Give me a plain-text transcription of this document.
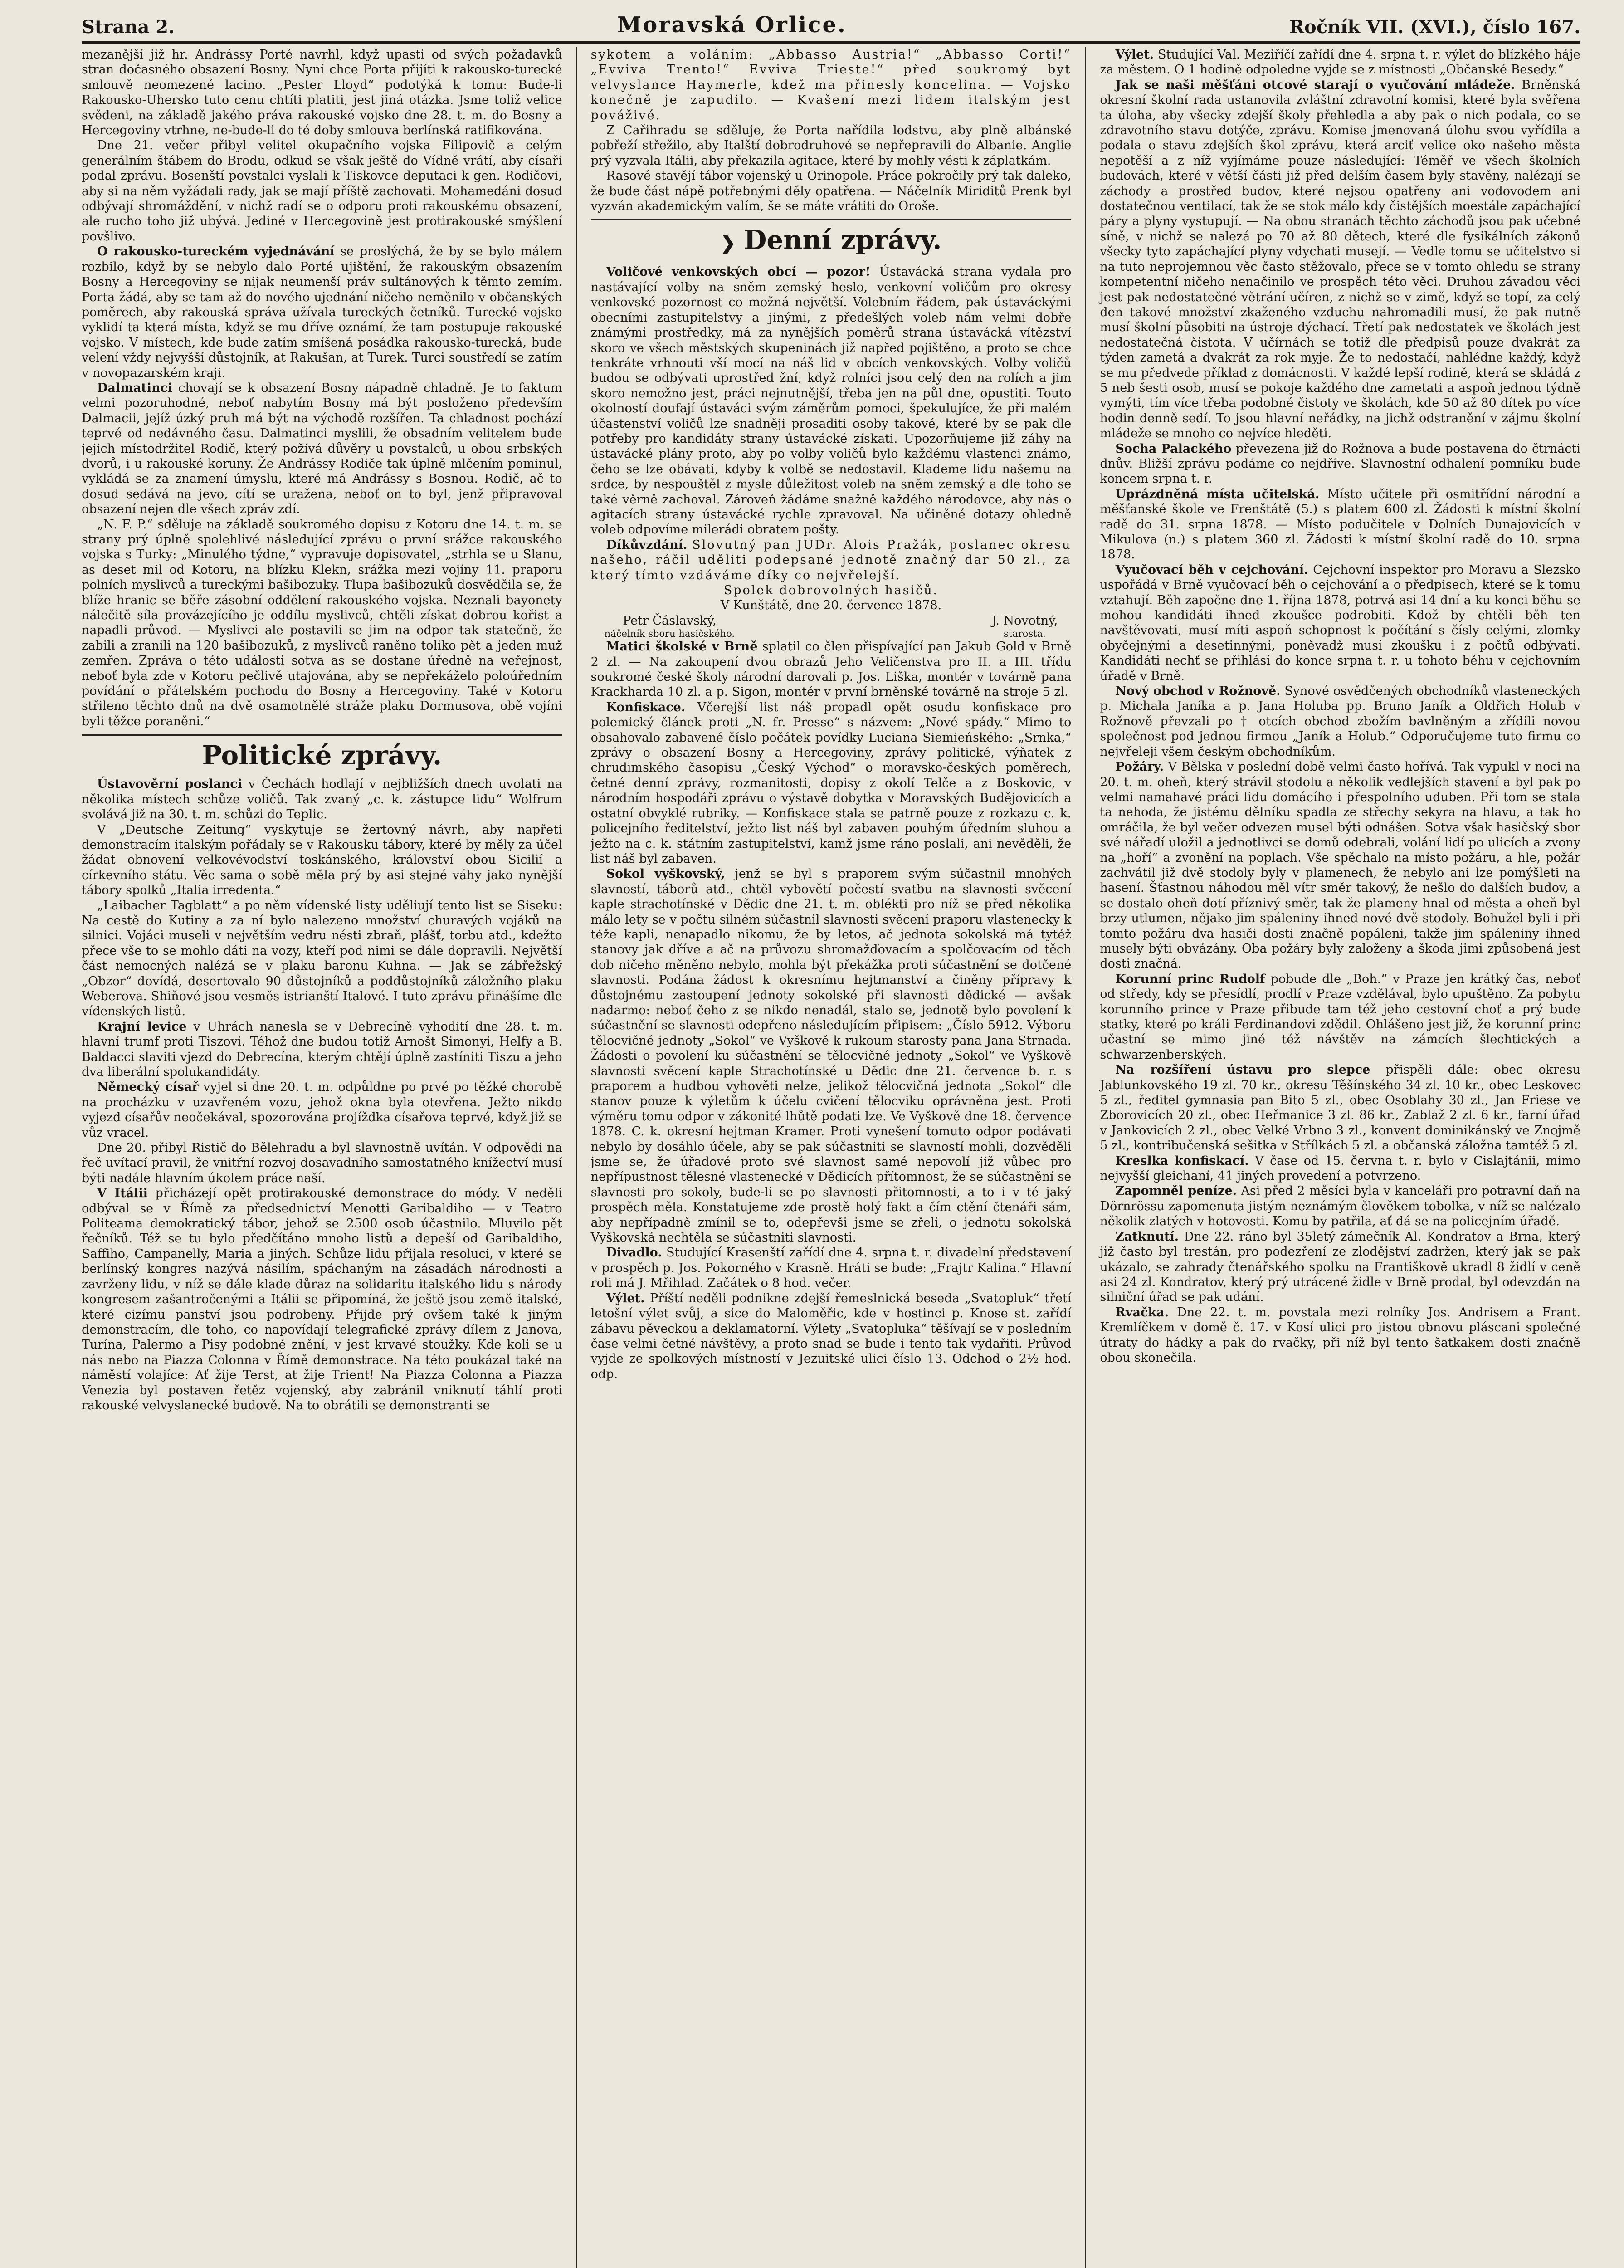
Strana 2.	Moravská Orlice.	Ročník VII. (XVI.), číslo 167.

mezanější již hr. Andrássy Porté navrhl, když upasti od svých požadavků stran dočasného obsazení Bosny. Nyní chce Porta přijíti k rakousko-turecké smlouvě neomezené lacino. „Pester Lloyd“ podotýká k tomu: Bude-li Rakousko-Uhersko tuto cenu chtíti platiti, jest jiná otázka. Jsme toliž velice svědeni, na základě jakého práva rakouské vojsko dne 28. t. m. do Bosny a Hercegoviny vtrhne, ne-bude-li do té doby smlouva berlínská ratifikována.

Dne 21. večer přibyl velitel okupačního vojska Filipovič a celým generálním štábem do Brodu, odkud se však ještě do Vídně vrátí, aby císaři podal zprávu. Bosenští povstalci vyslali k Tiskovce deputaci k gen. Rodičovi, aby si na něm vyžádali rady, jak se mají příště zachovati. Mohamedáni dosud odbývají shromáždění, v nichž radí se o odporu proti rakouskému obsazení, ale rucho toho již ubývá. Jediné v Hercegovině jest protirakouské smýšlení povšlivo.

O rakousko-tureckém vyjednávání se proslýchá, že by se bylo málem rozbilo, když by se nebylo dalo Porté ujištění, že rakouským obsazením Bosny a Hercegoviny se nijak neumenší práv sultánových k těmto zemím. Porta žádá, aby se tam až do nového ujednání ničeho neměnilo v občanských poměrech, aby rakouská správa užívala tureckých četníků. Turecké vojsko vyklidí ta která místa, když se mu dříve oznámí, že tam postupuje rakouské vojsko. V místech, kde bude zatím smíšená posádka rakousko-turecká, bude velení vždy nejvyšší důstojník, at Rakušan, at Turek. Turci soustředí se zatím v novopazarském kraji.

Dalmatinci chovají se k obsazení Bosny nápadně chladně. Je to faktum velmi pozoruhodné, neboť nabytím Bosny má být posloženo především Dalmacii, jejíž úzký pruh má být na východě rozšířen. Ta chladnost pochází teprvé od nedávného času. Dalmatinci myslili, že obsadním velitelem bude jejich místodržitel Rodič, který požívá důvěry u povstalců, u obou srbských dvorů, i u rakouské koruny. Že Andrássy Rodiče tak úplně mlčením pominul, vykládá se za znamení úmyslu, které má Andrássy s Bosnou. Rodič, ač to dosud sedává na jevo, cítí se uražena, neboť on to byl, jenž připravoval obsazení nejen dle všech zpráv zdí.

„N. F. P.“ sděluje na základě soukromého dopisu z Kotoru dne 14. t. m. se strany prý úplně spolehlivé následující zprávu o první srážce rakouského vojska s Turky: „Minulého týdne,“ vypravuje dopisovatel, „strhla se u Slanu, as deset mil od Kotoru, na blízku Klekn, srážka mezi vojíny 11. praporu polních myslivců a tureckými bašibozuky. Tlupa bašibozuků dosvědčila se, že blíže hranic se běře zásobní oddělení rakouského vojska. Neznali bayonety nálečitě síla provázejícího je oddílu myslivců, chtěli získat dobrou kořist a napadli průvod. — Myslivci ale postavili se jim na odpor tak statečně, že zabili a zranili na 120 bašibozuků, z myslivců raněno toliko pět a jeden muž zemřen. Zpráva o této události sotva as se dostane úředně na veřejnost, neboť byla zde v Kotoru pečlivě utajována, aby se nepřekáželo poloúředním povídání o přátelském pochodu do Bosny a Hercegoviny. Také v Kotoru střileno těchto dnů na dvě osamotnělé stráže plaku Dormusova, obě vojíni byli těžce poraněni.“

Politické zprávy.

Ústavověrní poslanci v Čechách hodlají v nejbližších dnech uvolati na několika místech schůze voličů. Tak zvaný „c. k. zástupce lidu“ Wolfrum svolává již na 30. t. m. schůzi do Teplic.

V „Deutsche Zeitung“ vyskytuje se žertovný návrh, aby napřeti demonstracím italským pořádaly se v Rakousku tábory, které by měly za účel žádat obnovení velkovévodství toskánského, království obou Sicilií a církevního státu. Věc sama o sobě měla prý by asi stejné váhy jako nynější tábory spolků „Italia irredenta.“

„Laibacher Tagblatt“ a po něm vídenské listy uděliují tento list se Siseku: Na cestě do Kutiny a za ní bylo nalezeno množství churavých vojáků na silnici. Vojáci museli v největším vedru nésti zbraň, plášť, torbu atd., kdežto přece vše to se mohlo dáti na vozy, kteří pod nimi se dále dopravili. Největší část nemocných nalézá se v plaku baronu Kuhna. — Jak se zábřežský „Obzor“ dovídá, desertovalo 90 důstojníků a poddůstojníků záložního plaku Weberova. Shiňové jsou vesměs istrianští Italové. I tuto zprávu přinášíme dle vídenských listů.

Krajní levice v Uhrách nanesla se v Debrecíně vyhodití dne 28. t. m. hlavní trumf proti Tiszovi. Téhož dne budou totiž Arnošt Simonyi, Helfy a B. Baldacci slaviti vjezd do Debrecína, kterým chtějí úplně zastíniti Tiszu a jeho dva liberální spolukandidáty.

Německý císař vyjel si dne 20. t. m. odpůldne po prvé po těžké chorobě na procházku v uzavřeném vozu, jehož okna byla otevřena. Ježto nikdo vyjezd císařův neočekával, spozorována projížďka císařova teprvé, když již se vůz vracel.

Dne 20. přibyl Ristič do Bělehradu a byl slavnostně uvítán. V odpovědi na řeč uvítací pravil, že vnitřní rozvoj dosavadního samostatného knížectví musí býti nadále hlavním úkolem práce naší.

V Itálii přicházejí opět protirakouské demonstrace do módy. V neděli odbýval se v Římě za předsednictví Menotti Garibaldiho — v Teatro Politeama demokratický tábor, jehož se 2500 osob účastnilo. Mluvilo pět řečníků. Též se tu bylo předčítáno mnoho listů a depeší od Garibaldiho, Saffiho, Campanelly, Maria a jiných. Schůze lidu přijala resoluci, v které se berlínský kongres nazývá násilím, spáchaným na zásadách národnosti a zavrženy lidu, v níž se dále klade důraz na solidaritu italského lidu s národy kongresem zašantročenými a Itálii se připomíná, že ještě jsou země italské, které cizímu panství jsou podrobeny. Přijde prý ovšem také k jiným demonstracím, dle toho, co napovídají telegrafické zprávy dílem z Janova, Turína, Palermo a Pisy podobné znění, v jest krvavé stoužky. Kde koli se u nás nebo na Piazza Colonna v Římě demonstrace. Na této poukázal také na náměstí volajíce: Ať žije Terst, at žije Trient! Na Piazza Colonna a Piazza Venezia byl postaven řetěz vojenský, aby zabránil vniknutí táhlí proti rakouské velvyslanecké budově. Na to obrátili se demonstranti se

sykotem a voláním: „Abbasso Austria!“ „Abbasso Corti!“ „Evviva Trento!“ Evviva Trieste!“ před soukromý byt velvyslance Haymerle, kdež ma přinesly koncelina. — Vojsko konečně je zapudilo. — Kvašení mezi lidem italským jest pováživé.

Z Cařihradu se sděluje, že Porta nařídila lodstvu, aby plně albánské pobřeží střežilo, aby Italští dobrodruhové se nepřepravili do Albanie. Anglie prý vyzvala Itálii, aby překazila agitace, které by mohly vésti k záplatkám.

Rasové stavějí tábor vojenský u Orinopole. Práce pokročily prý tak daleko, že bude část nápě potřebnými děly opatřena. — Náčelník Miriditů Prenk byl vyzván akademickým valím, še se máte vrátiti do Oroše.

❯ Denní zprávy.

Voličové venkovských obcí — pozor! Ústavácká strana vydala pro nastávající volby na sněm zemský heslo, venkovní voličům pro okresy venkovské pozornost co možná největší. Volebním řádem, pak ústaváckými obecními zastupitelstvy a jinými, z předešlých voleb nám velmi dobře známými prostředky, má za nynějších poměrů strana ústavácká vítězství skoro ve všech městských skupeninách již napřed pojištěno, a proto se chce tenkráte vrhnouti vší mocí na náš lid v obcích venkovských. Volby voličů budou se odbývati uprostřed žní, když rolníci jsou celý den na rolích a jim skoro nemožno jest, práci nejnutnější, třeba jen na půl dne, opustiti. Touto okolností doufají ústaváci svým záměrům pomoci, špekulujíce, že při malém účastenství voličů lze snadněji prosaditi osoby takové, které by se pak dle potřeby pro kandidáty strany ústavácké získati. Upozorňujeme již záhy na ústavácké plány proto, aby po volby voličů bylo každému vlastenci známo, čeho se lze obávati, kdyby k volbě se nedostavil. Klademe lidu našemu na srdce, by nespouštěl z mysle důležitost voleb na sněm zemský a dle toho se také věrně zachoval. Zároveň žádáme snažně každého národovce, aby nás o agitacích strany ústavácké rychle zpravoval. Na učiněné dotazy ohledně voleb odpovíme milerádi obratem pošty.

Díkůvzdání. Slovutný pan JUDr. Alois Pražák, poslanec okresu našeho, ráčil uděliti podepsané jednotě značný dar 50 zl., za který tímto vzdáváme díky co nejvřelejší.

Spolek dobrovolných hasičů.

V Kunštátě, dne 20. července 1878.

Petr Čáslavský,
náčelník sboru hasičského.
J. Novotný,
starosta.

Matici školské v Brně splatil co člen přispívající pan Jakub Gold v Brně 2 zl. — Na zakoupení dvou obrazů Jeho Veličenstva pro II. a III. třídu soukromé české školy národní darovali p. Jos. Liška, montér v továrně pana Krackharda 10 zl. a p. Sigon, montér v první brněnské továrně na stroje 5 zl.

Konfiskace. Včerejší list náš propadl opět osudu konfiskace pro polemický článek proti „N. fr. Presse“ s názvem: „Nové spády.“ Mimo to obsahovalo zabavené číslo počátek povídky Luciana Siemieńského: „Srnka,“ zprávy o obsazení Bosny a Hercegoviny, zprávy politické, výňatek z chrudimského časopisu „Český Východ“ o moravsko-českých poměrech, četné denní zprávy, rozmanitosti, dopisy z okolí Telče a z Boskovic, v národním hospodáři zprávu o výstavě dobytka v Moravských Budějovicích a ostatní obvyklé rubriky. — Konfiskace stala se patrně pouze z rozkazu c. k. policejního ředitelství, ježto list náš byl zabaven pouhým úředním sluhou a ježto na c. k. státním zastupitelství, kamž jsme ráno poslali, ani nevěděli, že list náš byl zabaven.

Sokol vyškovský, jenž se byl s praporem svým súčastnil mnohých slavností, táborů atd., chtěl vybovětí počestí svatbu na slavnosti svěcení kaple strachotínské v Dědic dne 21. t. m. oblékti pro níž se před několika málo lety se v počtu silném súčastnil slavnosti svěcení praporu vlastenecky k téže kapli, nenapadlo nikomu, že by letos, ač jednota sokolská má tytéž stanovy jak dříve a ač na průvozu shromažďovacím a spolčovacím od těch dob ničeho měněno nebylo, mohla být překážka proti súčastnění se dotčené slavnosti. Podána žádost k okresnímu hejtmanství a činěny přípravy k důstojnému zastoupení jednoty sokolské při slavnosti dědické — avšak nadarmo: neboť čeho z se nikdo nenadál, stalo se, jednotě bylo povolení k súčastnění se slavnosti odepřeno následujícím připisem: „Číslo 5912. Výboru tělocvičné jednoty „Sokol“ ve Vyškově k rukoum starosty pana Jana Strnada. Žádosti o povolení ku súčastnění se tělocvičné jednoty „Sokol“ ve Vyškově slavnosti svěcení kaple Strachotínské u Dědic dne 21. července b. r. s praporem a hudbou vyhověti nelze, jelikož tělocvičná jednota „Sokol“ dle stanov pouze k výletům k účelu cvičení tělocviku oprávněna jest. Proti výměru tomu odpor v zákonité lhůtě podati lze. Ve Vyškově dne 18. července 1878. C. k. okresní hejtman Kramer. Proti vynešení tomuto odpor podávati nebylo by dosáhlo účele, aby se pak súčastniti se slavností mohli, dozvěděli jsme se, že úřadové proto své slavnost samé nepovolí již vůbec pro nepřípustnost tělesné vlastenecké v Dědicích přítomnost, že se súčastnění se slavnosti pro sokoly, bude-li se po slavnosti přitomnosti, a to i v té jaký prospěch měla. Konstatujeme zde prostě holý fakt a čím ctění čtenáři sám, aby nepřípadně zmínil se to, odepřevši jsme se zřeli, o jednotu sokolská Vyškovská nechtěla se súčastniti slavnosti.

Divadlo. Studující Krasenští zařídí dne 4. srpna t. r. divadelní představení v prospěch p. Jos. Pokorného v Krasně. Hráti se bude: „Frajtr Kalina.“ Hlavní roli má J. Mřihlad. Začátek o 8 hod. večer.

Výlet. Příští neděli podnikne zdejší řemeslnická beseda „Svatopluk“ třetí letošní výlet svůj, a sice do Maloměřic, kde v hostinci p. Knose st. zařídí zábavu pěveckou a deklamatorní. Výlety „Svatopluka“ těšívají se v posledním čase velmi četné návštěvy, a proto snad se bude i tento tak vydařiti. Průvod vyjde ze spolkových místností v Jezuitské ulici číslo 13. Odchod o 2½ hod. odp.

Výlet. Studující Val. Meziříčí zařídí dne 4. srpna t. r. výlet do blízkého háje za městem. O 1 hodině odpoledne vyjde se z místnosti „Občanské Besedy.“

Jak se naši měšťáni otcové starají o vyučování mládeže. Brněnská okresní školní rada ustanovila zvláštní zdravotní komisi, které byla svěřena ta úloha, aby všecky zdejší školy přehledla a aby pak o nich podala, co se zdravotního stavu dotýče, zprávu. Komise jmenovaná úlohu svou vyřídila a podala o stavu zdejších škol zprávu, která arciť velice oko našeho města nepotěší a z níž vyjímáme pouze následující: Téměř ve všech školních budovách, které v větší části již před delším časem byly stavěny, nalézají se záchody a prostřed budov, které nejsou opatřeny ani vodovodem ani dostatečnou ventilací, tak že se stok málo kdy čistějších moestále zapáchající páry a plyny vystupují. — Na obou stranách těchto záchodů jsou pak učebné síně, v nichž se nalezá po 70 až 80 dětech, které dle fysikálních zákonů všecky tyto zapáchající plyny vdychati musejí. — Vedle tomu se učitelstvo si na tuto neprojemnou věc často stěžovalo, přece se v tomto ohledu se strany kompetentní ničeho nenačinilo ve prospěch této věci. Druhou závadou věci jest pak nedostatečné větrání učíren, z nichž se v zimě, když se topí, za celý den takové množství zkaženého vzduchu nahromadili musí, že pak nutně musí školní působiti na ústroje dýchací. Třetí pak nedostatek ve školách jest nedostatečná čistota. V učírnách se totiž dle předpisů pouze dvakrát za týden zametá a dvakrát za rok myje. Že to nedostačí, nahlédne každý, když se mu předvede příklad z domácnosti. V každé lepší rodině, která se skládá z 5 neb šesti osob, musí se pokoje každého dne zametati a aspoň jednou týdně vymýti, tím více třeba podobné čistoty ve školách, kde 50 až 80 dítek po více hodin denně sedí. To jsou hlavní neřádky, na jichž odstranění v zájmu školní mládeže se mnoho co nejvíce hleděti.

Socha Palackého převezena již do Rožnova a bude postavena do čtrnácti dnův. Bližší zprávu podáme co nejdříve. Slavnostní odhalení pomníku bude koncem srpna t. r.

Uprázdněná místa učitelská. Místo učitele při osmitřídní národní a měšťanské škole ve Frenštátě (5.) s platem 600 zl. Žádosti k místní školní radě do 31. srpna 1878. — Místo podučitele v Dolních Dunajovicích v Mikulova (n.) s platem 360 zl. Žádosti k místní školní radě do 10. srpna 1878.

Vyučovací běh v cejchování. Cejchovní inspektor pro Moravu a Slezsko uspořádá v Brně vyučovací běh o cejchování a o předpisech, které se k tomu vztahují. Běh započne dne 1. října 1878, potrvá asi 14 dní a ku konci běhu se mohou kandidáti ihned zkoušce podrobiti. Kdož by chtěli běh ten navštěvovati, musí míti aspoň schopnost k počítání s čísly celými, zlomky obyčejnými a desetinnými, poněvadž musí zkoušku i z počtů odbývati. Kandidáti nechť se přihlásí do konce srpna t. r. u tohoto běhu v cejchovním úřadě v Brně.

Nový obchod v Rožnově. Synové osvědčených obchodníků vlasteneckých p. Michala Janíka a p. Jana Holuba pp. Bruno Janík a Oldřich Holub v Rožnově převzali po † otcích obchod zbožím bavlněným a zřídili novou společnost pod jednou firmou „Janík a Holub.“ Odporučujeme tuto firmu co nejvřeleji všem českým obchodníkům.

Požáry. V Bělska v poslední době velmi často hořívá. Tak vypukl v noci na 20. t. m. oheň, který strávil stodolu a několik vedlejších stavení a byl pak po velmi namahavé práci lidu domácího i přespolního uduben. Při tom se stala ta nehoda, že jistému dělníku spadla ze střechy sekyra na hlavu, a tak ho omráčila, že byl večer odvezen musel býti odnášen. Sotva však hasičský sbor své nářadí uložil a jednotlivci se domů odebrali, volání lidí po ulicích a zvony na „hoří“ a zvonění na poplach. Vše spěchalo na místo požáru, a hle, požár zachvátil již dvě stodoly byly v plamenech, že nebylo ani lze pomýšleti na hasení. Šťastnou náhodou měl vítr směr takový, že nešlo do dalších budov, a se dostalo oheň dotí příznivý směr, tak že plameny hnal od města a oheň byl brzy utlumen, nějako jim spáleniny ihned nové dvě stodoly. Bohužel byli i při tomto požáru dva hasiči dosti značně popáleni, takže jim spáleniny ihned musely býti obvázány. Oba požáry byly založeny a škoda jimi způsobená jest dosti značná.

Korunní princ Rudolf pobude dle „Boh.“ v Praze jen krátký čas, neboť od středy, kdy se přesídlí, prodlí v Praze vzdělával, bylo upuštěno. Za pobytu korunního prince v Praze přibude tam též jeho cestovní choť a prý bude statky, které po králi Ferdinandovi zdědil. Ohlášeno jest již, že korunní princ učastní se mimo jiné též návštěv na zámcích šlechtických a schwarzenberských.

Na rozšíření ústavu pro slepce přispěli dále: obec okresu Jablunkovského 19 zl. 70 kr., okresu Těšínského 34 zl. 10 kr., obec Leskovec 5 zl., ředitel gymnasia pan Bito 5 zl., obec Osoblahy 30 zl., Jan Friese ve Zborovicích 20 zl., obec Heřmanice 3 zl. 86 kr., Zablaž 2 zl. 6 kr., farní úřad v Jankovicích 2 zl., obec Velké Vrbno 3 zl., konvent dominikánský ve Znojmě 5 zl., kontribučenská sešitka v Střílkách 5 zl. a občanská záložna tamtéž 5 zl.

Kreslka konfiskací. V čase od 15. června t. r. bylo v Cislajtánii, mimo nejvyšší gleichaní, 41 jiných provedení a potvrzeno.

Zapomněl peníze. Asi před 2 měsíci byla v kanceláři pro potravní daň na Dörnrössu zapomenuta jistým neznámým člověkem tobolka, v níž se nalézalo několik zlatých v hotovosti. Komu by patřila, ať dá se na policejním úřadě.

Zatknutí. Dne 22. ráno byl 35letý zámečník Al. Kondratov a Brna, který již často byl trestán, pro podezření ze zlodějství zadržen, který jak se pak ukázalo, se zahrady čtenářského spolku na Františkově ukradl 8 židlí v ceně asi 24 zl. Kondratov, který prý utrácené židle v Brně prodal, byl odevzdán na silniční úřad se pak udání.

Rvačka. Dne 22. t. m. povstala mezi rolníky Jos. Andrisem a Frant. Kremlíčkem v domě č. 17. v Kosí ulici pro jistou obnovu pláscani společné útraty do hádky a pak do rvačky, při níž byl tento šatkakem dosti značně obou skonečila.
